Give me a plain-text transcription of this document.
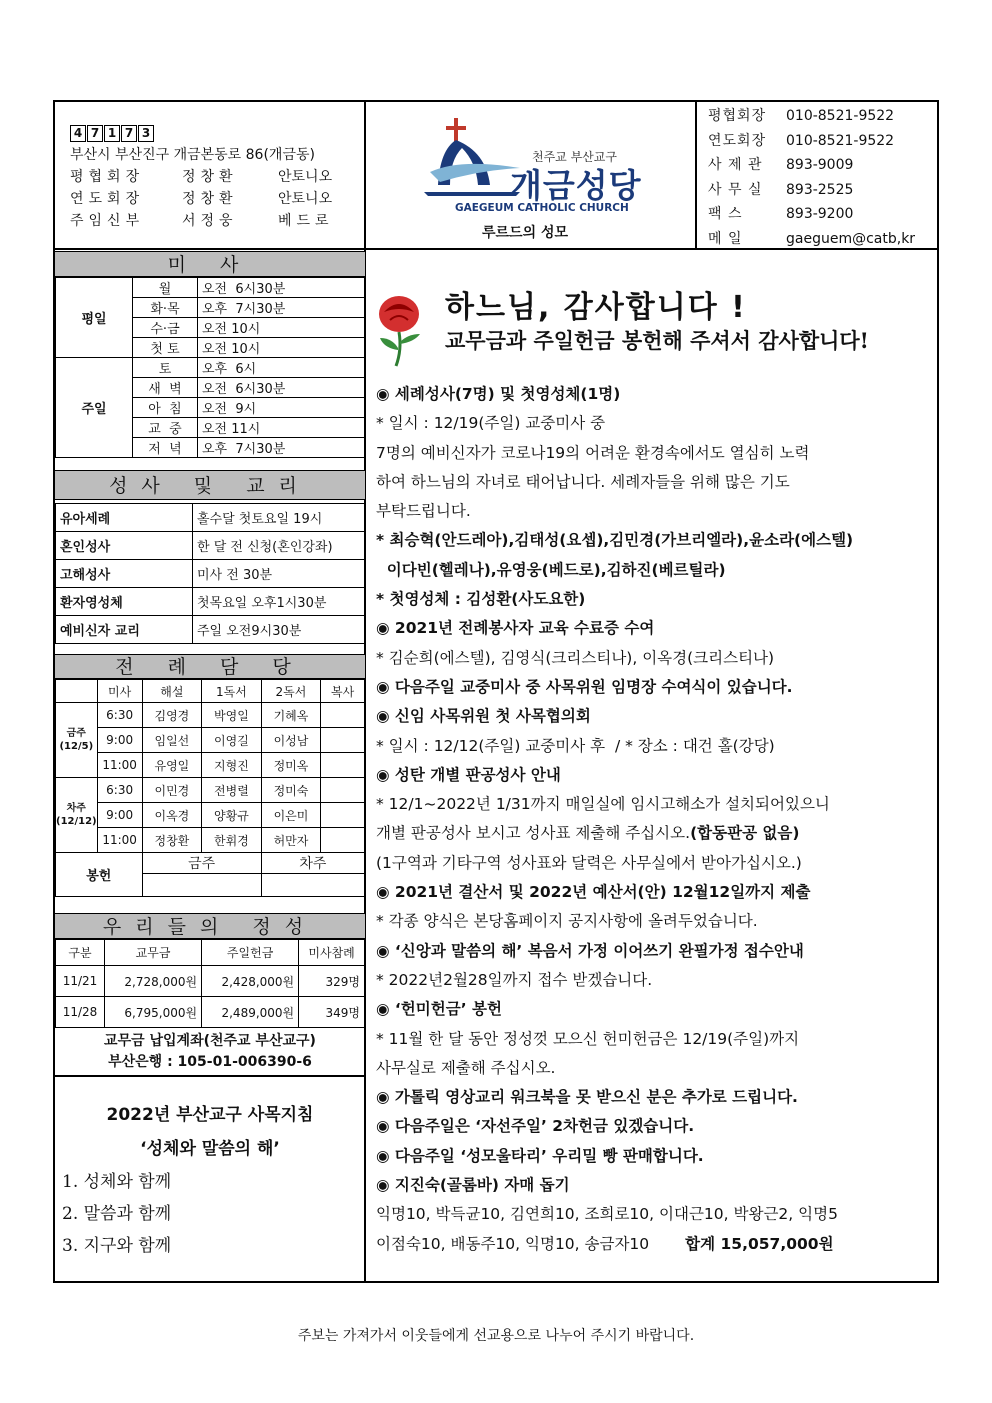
4 7 1 7 3
부산시 부산진구 개금본동로 86(개금동)
평협회장	정창환	안토니오
연도회장	정창환	안토니오
주임신부	서정웅	베드로
천주교 부산교구
개금성당
GAEGEUM CATHOLIC CHURCH
루르드의 성모
평협회장 010-8521-9522
연도회장 010-8521-9522
사 제 관 893-9009
사 무 실 893-2525
팩 스	893-9200
메 일	gaeguem@catb,kr
미 사
평일	월	오전  6시30분
	화·목	오후  7시30분
	수·금	오전 10시
	첫 토	오전 10시
주일	토	오후  6시
	새  벽	오전  6시30분
	아  침	오전  9시
	교  중	오전 11시
	저  녁	오후  7시30분
성사 및 교리
유아세례	홀수달 첫토요일 19시
혼인성사	한 달 전 신청(혼인강좌)
고해성사	미사 전 30분
환자영성체	첫목요일 오후1시30분
예비신자 교리	주일 오전9시30분
전 례 담 당
	미사	해설	1독서	2독서	복사
금주(12/5)	6:30	김영경	박영일	기혜옥	
	9:00	임일선	이영길	이성남	
	11:00	유영일	지형진	정미옥	
차주(12/12)	6:30	이민경	전병렬	정미숙	
	9:00	이옥경	양황규	이은미	
	11:00	정창환	한휘경	허만자	
봉헌		금주		차주	

우리들의 정성
구분	교무금	주일헌금	미사참례
11/21	2,728,000원	2,428,000원	329명
11/28	6,795,000원	2,489,000원	349명
교무금 납입계좌(천주교 부산교구)
부산은행 : 105-01-006390-6
2022년 부산교구 사목지침
‘성체와 말씀의 해’
1. 성체와 함께
2. 말씀과 함께
3. 지구와 함께
하느님, 감사합니다 !
교무금과 주일헌금 봉헌해 주셔서 감사합니다!
◉ 세례성사(7명) 및 첫영성체(1명)
* 일시 : 12/19(주일) 교중미사 중
7명의 예비신자가 코로나19의 어려운 환경속에서도 열심히 노력
하여 하느님의 자녀로 태어납니다. 세례자들을 위해 많은 기도
부탁드립니다.
* 최승혁(안드레아),김태성(요셉),김민경(가브리엘라),윤소라(에스텔)
이다빈(헬레나),유영웅(베드로),김하진(베르틸라)
* 첫영성체 : 김성환(사도요한)
◉ 2021년 전례봉사자 교육 수료증 수여
* 김순희(에스텔), 김영식(크리스티나), 이옥경(크리스티나)
◉ 다음주일 교중미사 중 사목위원 임명장 수여식이 있습니다.
◉ 신임 사목위원 첫 사목협의회
* 일시 : 12/12(주일) 교중미사 후  / * 장소 : 대건 홀(강당)
◉ 성탄 개별 판공성사 안내
* 12/1~2022년 1/31까지 매일실에 임시고해소가 설치되어있으니
개별 판공성사 보시고 성사표 제출해 주십시오.(합동판공 없음)
(1구역과 기타구역 성사표와 달력은 사무실에서 받아가십시오.)
◉ 2021년 결산서 및 2022년 예산서(안) 12월12일까지 제출
* 각종 양식은 본당홈페이지 공지사항에 올려두었습니다.
◉ ‘신앙과 말씀의 해’ 복음서 가정 이어쓰기 완필가정 접수안내
* 2022년2월28일까지 접수 받겠습니다.
◉ ‘헌미헌금’ 봉헌
* 11월 한 달 동안 정성껏 모으신 헌미헌금은 12/19(주일)까지
사무실로 제출해 주십시오.
◉ 가톨릭 영상교리 워크북을 못 받으신 분은 추가로 드립니다.
◉ 다음주일은 ‘자선주일’ 2차헌금 있겠습니다.
◉ 다음주일 ‘성모울타리’ 우리밀 빵 판매합니다.
◉ 지진숙(골롬바) 자매 돕기
익명10, 박득균10, 김연희10, 조희로10, 이대근10, 박왕근2, 익명5
이점숙10, 배동주10, 익명10, 송금자10 합계 15,057,000원
주보는 가져가서 이웃들에게 선교용으로 나누어 주시기 바랍니다.
